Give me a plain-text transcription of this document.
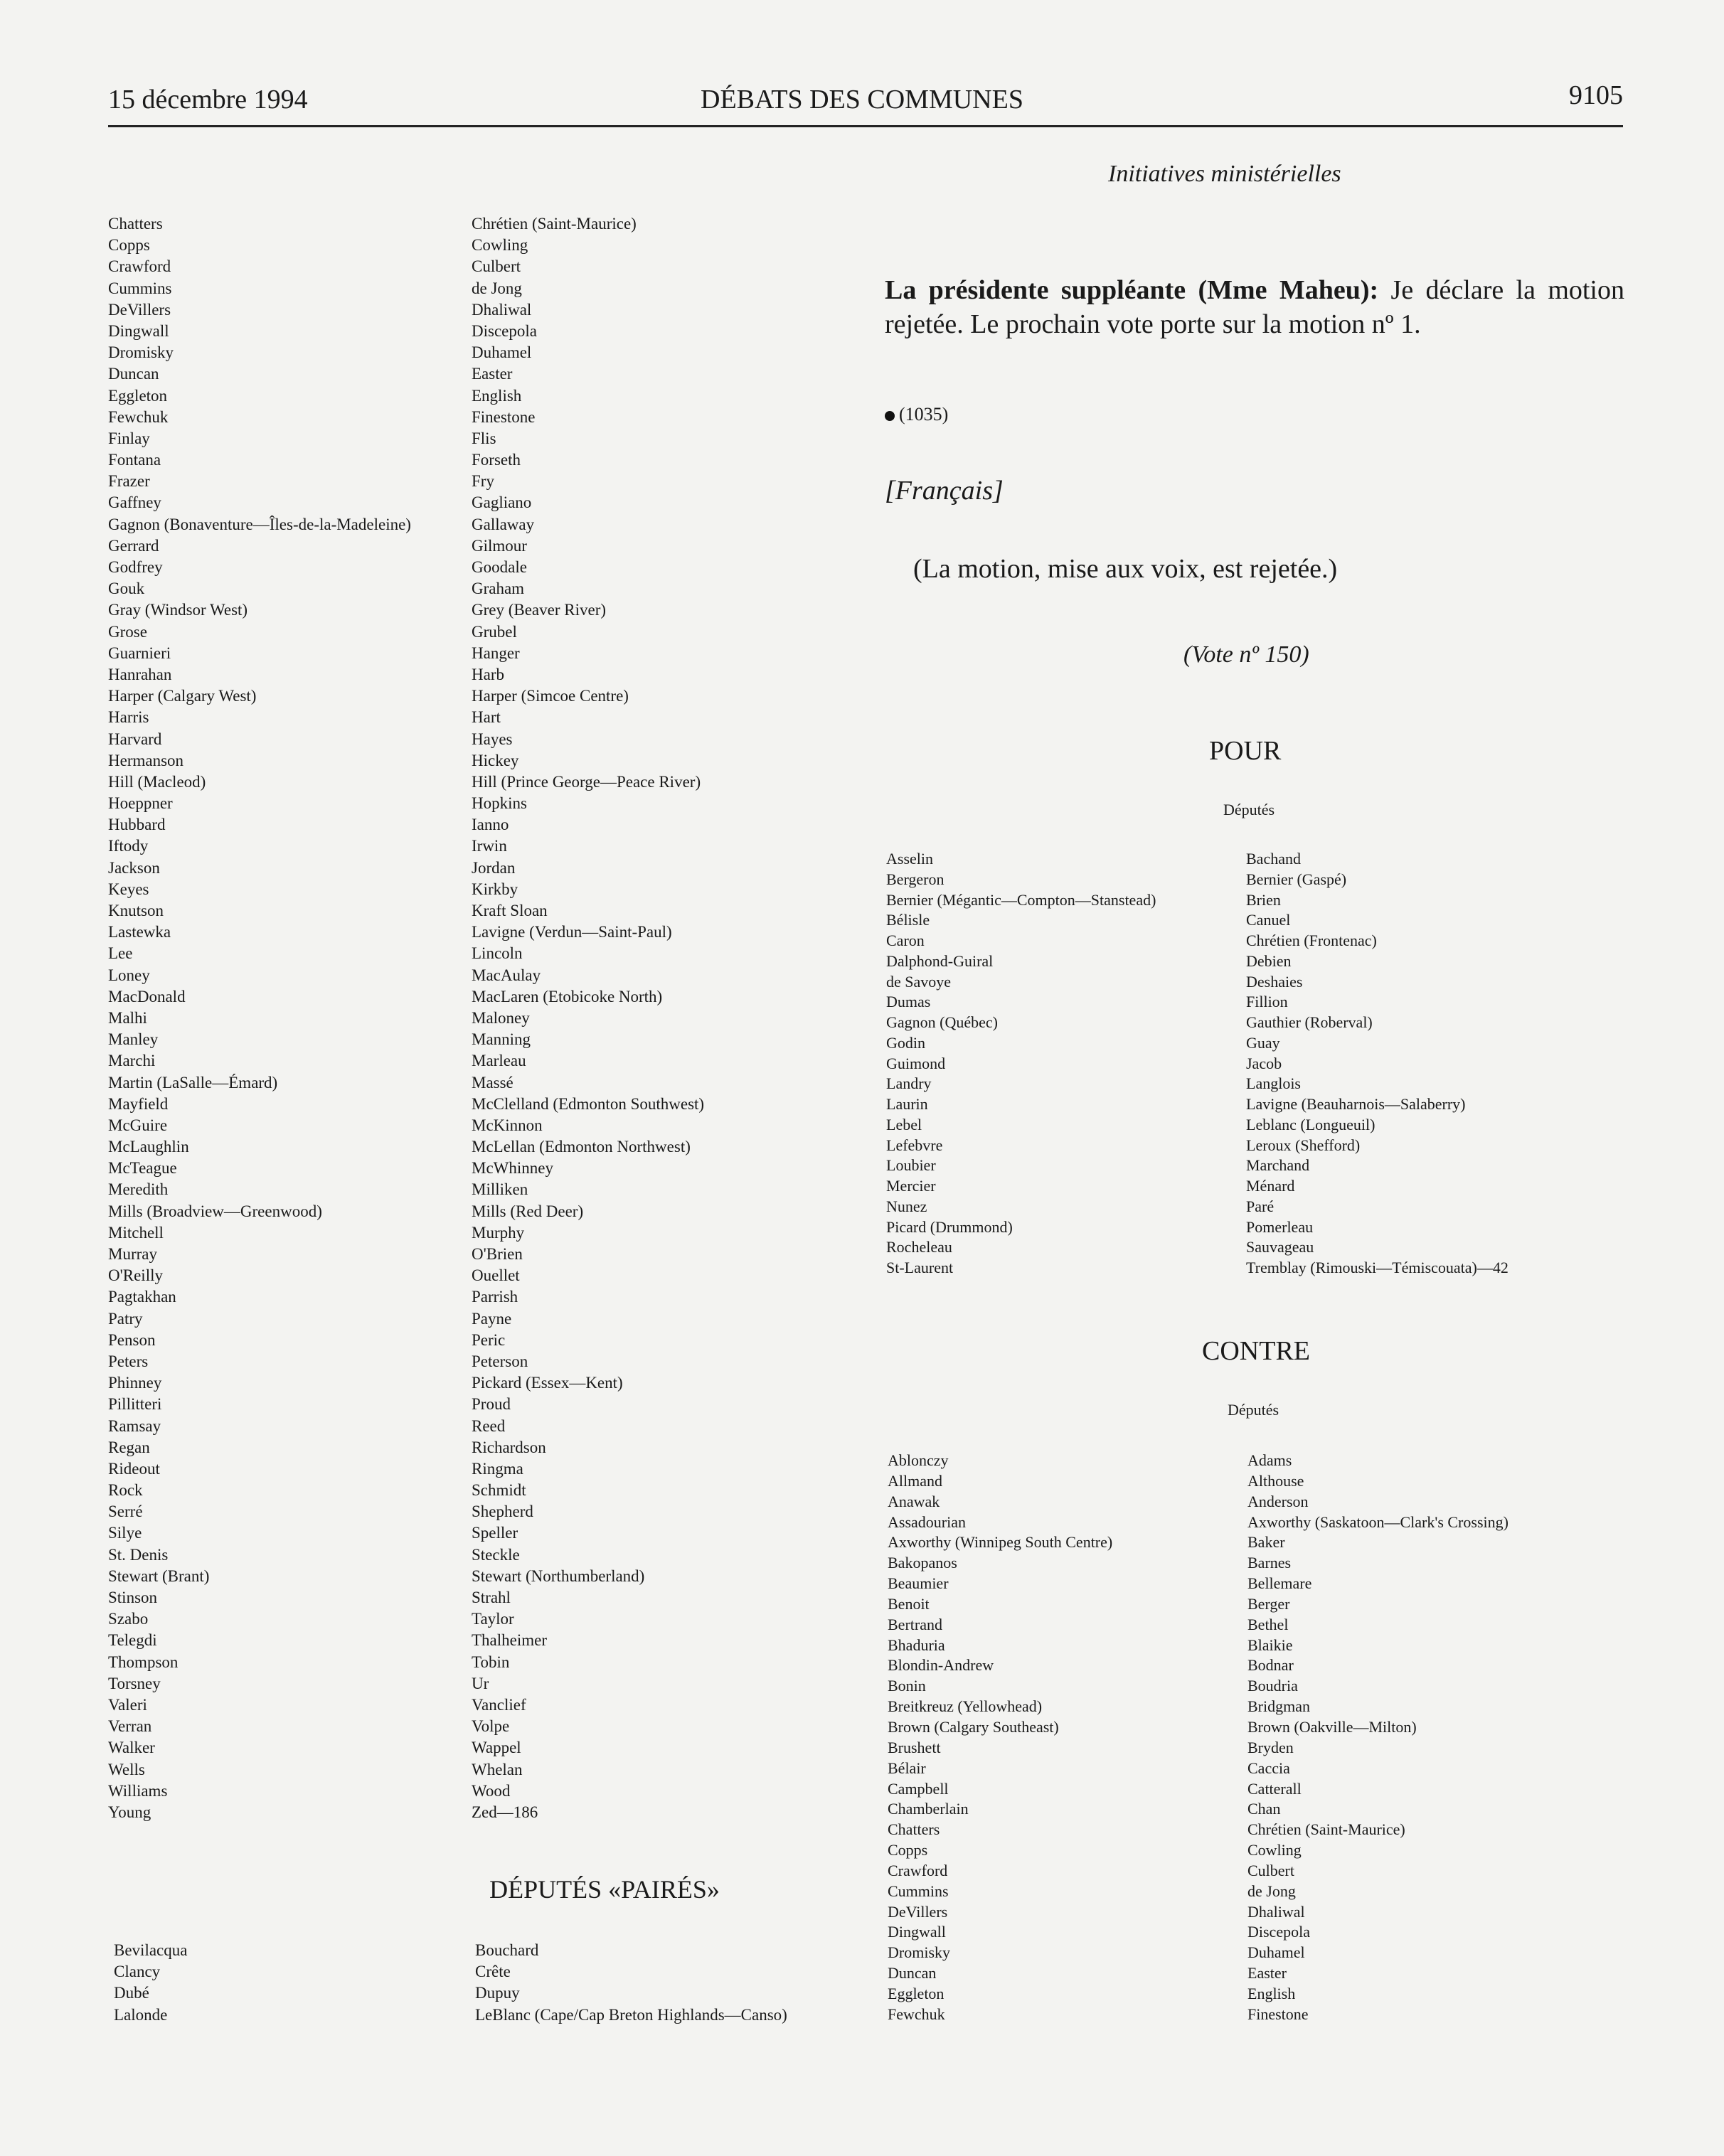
15 décembre 1994	DÉBATS DES COMMUNES	9105
Chatters
Copps
Crawford
Cummins
DeVillers
Dingwall
Dromisky
Duncan
Eggleton
Fewchuk
Finlay
Fontana
Frazer
Gaffney
Gagnon (Bonaventure—Îles-de-la-Madeleine)
Gerrard
Godfrey
Gouk
Gray (Windsor West)
Grose
Guarnieri
Hanrahan
Harper (Calgary West)
Harris
Harvard
Hermanson
Hill (Macleod)
Hoeppner
Hubbard
Iftody
Jackson
Keyes
Knutson
Lastewka
Lee
Loney
MacDonald
Malhi
Manley
Marchi
Martin (LaSalle—Émard)
Mayfield
McGuire
McLaughlin
McTeague
Meredith
Mills (Broadview—Greenwood)
Mitchell
Murray
O'Reilly
Pagtakhan
Patry
Penson
Peters
Phinney
Pillitteri
Ramsay
Regan
Rideout
Rock
Serré
Silye
St. Denis
Stewart (Brant)
Stinson
Szabo
Telegdi
Thompson
Torsney
Valeri
Verran
Walker
Wells
Williams
Young
Chrétien (Saint-Maurice)
Cowling
Culbert
de Jong
Dhaliwal
Discepola
Duhamel
Easter
English
Finestone
Flis
Forseth
Fry
Gagliano
Gallaway
Gilmour
Goodale
Graham
Grey (Beaver River)
Grubel
Hanger
Harb
Harper (Simcoe Centre)
Hart
Hayes
Hickey
Hill (Prince George—Peace River)
Hopkins
Ianno
Irwin
Jordan
Kirkby
Kraft Sloan
Lavigne (Verdun—Saint-Paul)
Lincoln
MacAulay
MacLaren (Etobicoke North)
Maloney
Manning
Marleau
Massé
McClelland (Edmonton Southwest)
McKinnon
McLellan (Edmonton Northwest)
McWhinney
Milliken
Mills (Red Deer)
Murphy
O'Brien
Ouellet
Parrish
Payne
Peric
Peterson
Pickard (Essex—Kent)
Proud
Reed
Richardson
Ringma
Schmidt
Shepherd
Speller
Steckle
Stewart (Northumberland)
Strahl
Taylor
Thalheimer
Tobin
Ur
Vanclief
Volpe
Wappel
Whelan
Wood
Zed—186
DÉPUTÉS «PAIRÉS»
Bevilacqua
Clancy
Dubé
Lalonde
Bouchard
Crête
Dupuy
LeBlanc (Cape/Cap Breton Highlands—Canso)
Initiatives ministérielles
La présidente suppléante (Mme Maheu): Je déclare la motion rejetée. Le prochain vote porte sur la motion nº 1.
(1035)
[Français]
(La motion, mise aux voix, est rejetée.)
(Vote nº 150)
POUR
Députés
Asselin
Bergeron
Bernier (Mégantic—Compton—Stanstead)
Bélisle
Caron
Dalphond-Guiral
de Savoye
Dumas
Gagnon (Québec)
Godin
Guimond
Landry
Laurin
Lebel
Lefebvre
Loubier
Mercier
Nunez
Picard (Drummond)
Rocheleau
St-Laurent
Bachand
Bernier (Gaspé)
Brien
Canuel
Chrétien (Frontenac)
Debien
Deshaies
Fillion
Gauthier (Roberval)
Guay
Jacob
Langlois
Lavigne (Beauharnois—Salaberry)
Leblanc (Longueuil)
Leroux (Shefford)
Marchand
Ménard
Paré
Pomerleau
Sauvageau
Tremblay (Rimouski—Témiscouata)—42
CONTRE
Députés
Ablonczy
Allmand
Anawak
Assadourian
Axworthy (Winnipeg South Centre)
Bakopanos
Beaumier
Benoit
Bertrand
Bhaduria
Blondin-Andrew
Bonin
Breitkreuz (Yellowhead)
Brown (Calgary Southeast)
Brushett
Bélair
Campbell
Chamberlain
Chatters
Copps
Crawford
Cummins
DeVillers
Dingwall
Dromisky
Duncan
Eggleton
Fewchuk
Adams
Althouse
Anderson
Axworthy (Saskatoon—Clark's Crossing)
Baker
Barnes
Bellemare
Berger
Bethel
Blaikie
Bodnar
Boudria
Bridgman
Brown (Oakville—Milton)
Bryden
Caccia
Catterall
Chan
Chrétien (Saint-Maurice)
Cowling
Culbert
de Jong
Dhaliwal
Discepola
Duhamel
Easter
English
Finestone
